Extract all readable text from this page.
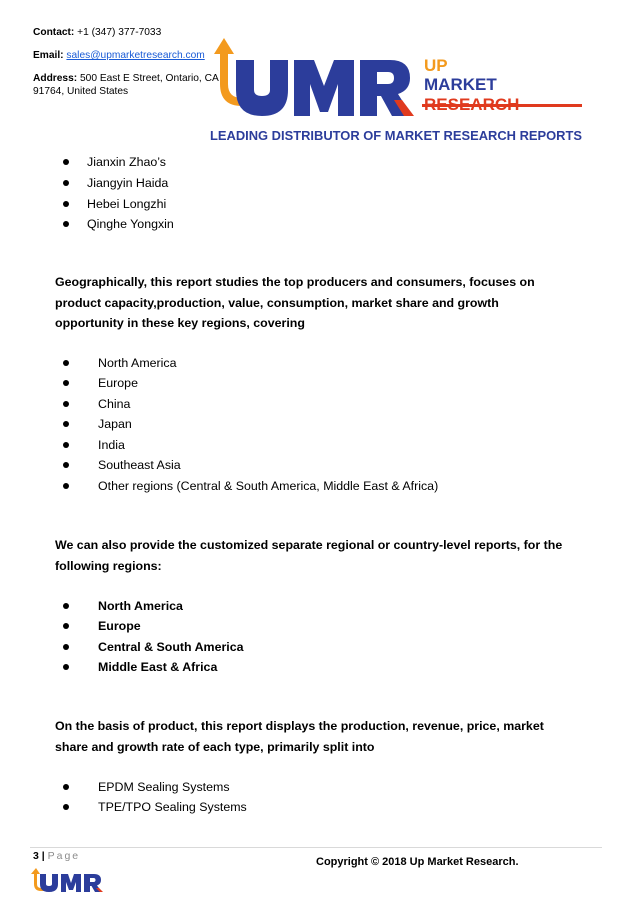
Contact: +1 (347) 377-7033
Email: sales@upmarketresearch.com
Address: 500 East E Street, Ontario, CA
91764, United States
UP
MARKET
RESEARCH
LEADING DISTRIBUTOR OF MARKET RESEARCH REPORTS
Jianxin Zhao’s
Jiangyin Haida
Hebei Longzhi
Qinghe Yongxin
Geographically, this report studies the top producers and consumers, focuses on
product capacity,production, value, consumption, market share and growth
opportunity in these key regions, covering
North America
Europe
China
Japan
India
Southeast Asia
Other regions (Central & South America, Middle East & Africa)
We can also provide the customized separate regional or country-level reports, for the
following regions:
North America
Europe
Central & South America
Middle East & Africa
On the basis of product, this report displays the production, revenue, price, market
share and growth rate of each type, primarily split into
EPDM Sealing Systems
TPE/TPO Sealing Systems
3 | Page	Copyright © 2018 Up Market Research.
